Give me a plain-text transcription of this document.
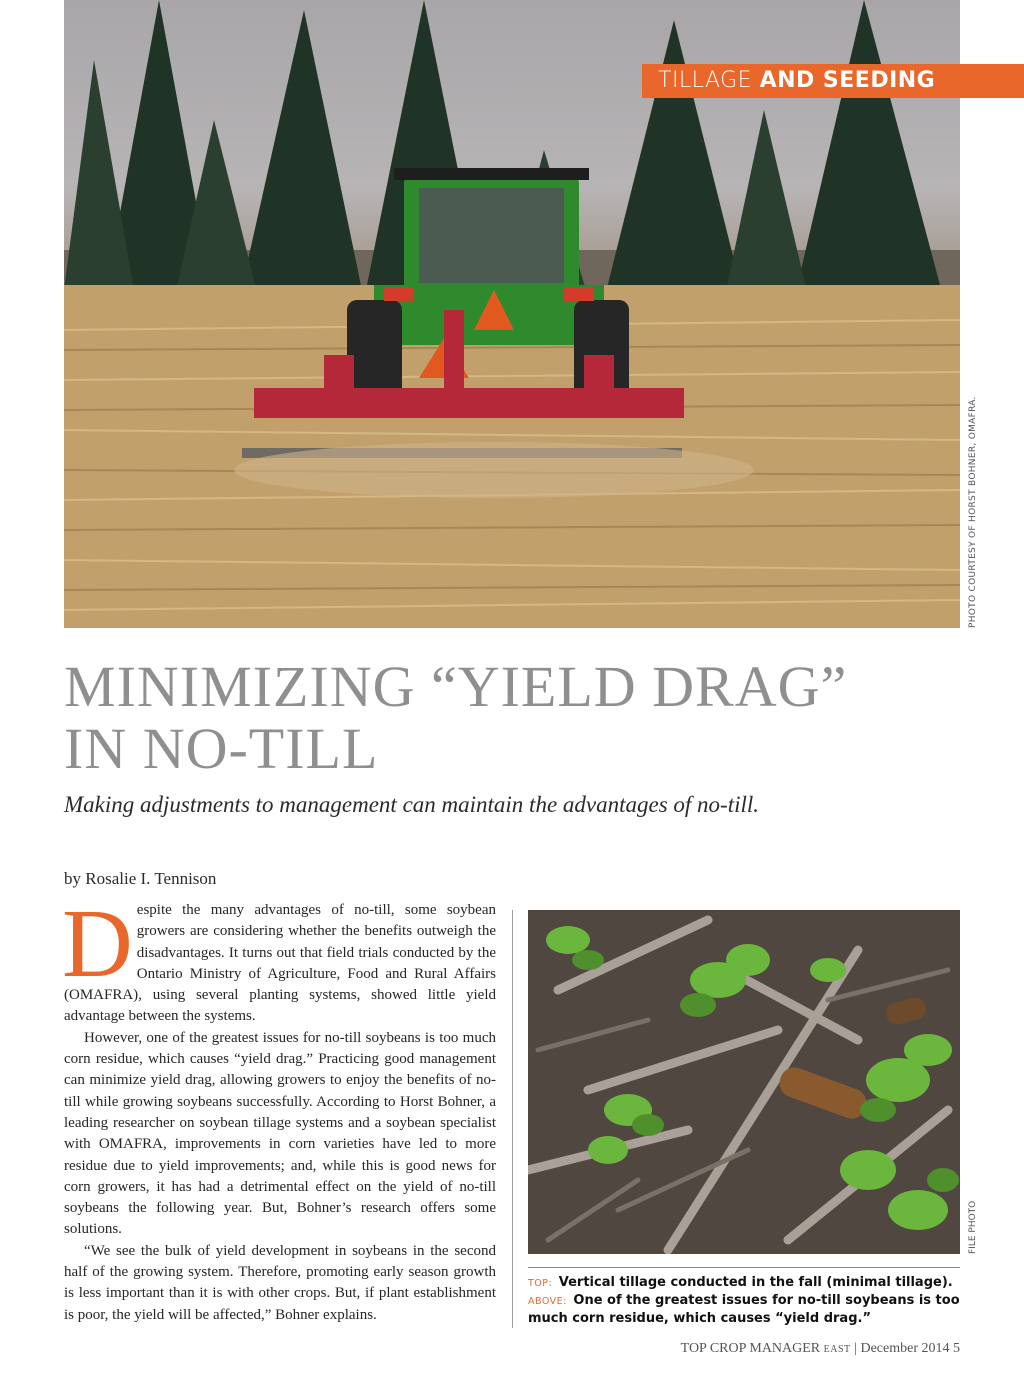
TILLAGE AND SEEDING
PHOTO COURTESY OF HORST BOHNER, OMAFRA.
MINIMIZING “YIELD DRAG”
IN NO-TILL
Making adjustments to management can maintain the advantages of no-till.
by Rosalie I. Tennison

Despite the many advantages of no-till, some soybean growers are considering whether the benefits outweigh the disadvantages. It turns out that field trials conducted by the Ontario Ministry of Agriculture, Food and Rural Affairs (OMAFRA), using several planting systems, showed little yield advantage between the systems.

However, one of the greatest issues for no-till soybeans is too much corn residue, which causes “yield drag.” Practicing good management can minimize yield drag, allowing growers to enjoy the benefits of no-till while growing soybeans successfully. According to Horst Bohner, a leading researcher on soybean tillage systems and a soybean specialist with OMAFRA, improvements in corn varieties have led to more residue due to yield improvements; and, while this is good news for corn growers, it has had a detrimental effect on the yield of no-till soybeans the following year. But, Bohner’s research offers some solutions.

“We see the bulk of yield development in soybeans in the second half of the growing system. Therefore, promoting early season growth is less important than it is with other crops. But, if plant establishment is poor, the yield will be affected,” Bohner explains.

FILE PHOTO
TOP: Vertical tillage conducted in the fall (minimal tillage).
ABOVE: One of the greatest issues for no-till soybeans is too much corn residue, which causes “yield drag.”
TOP CROP MANAGER EAST | December 2014 5
